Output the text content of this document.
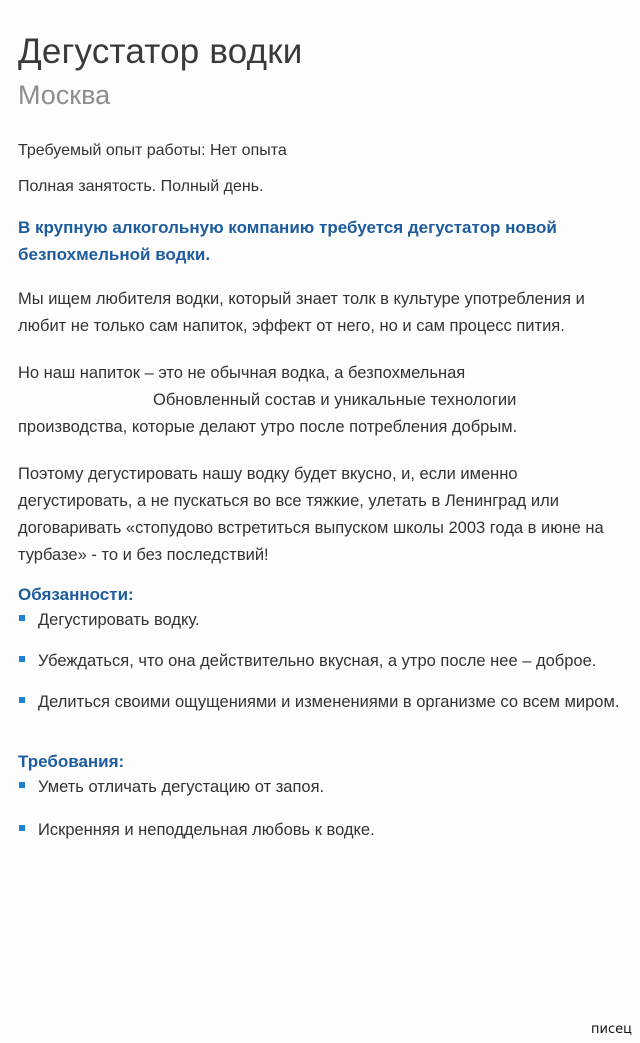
Дегустатор водки
Москва

Требуемый опыт работы: Нет опыта

Полная занятость. Полный день.

В крупную алкогольную компанию требуется дегустатор новой безпохмельной водки.

Мы ищем любителя водки, который знает толк в культуре употребления и любит не только сам напиток, эффект от него, но и сам процесс пития.

Но наш напиток – это не обычная водка, а безпохмельная
Обновленный состав и уникальные технологии производства, которые делают утро после потребления добрым.

Поэтому дегустировать нашу водку будет вкусно, и, если именно дегустировать, а не пускаться во все тяжкие, улетать в Ленинград или договаривать «стопудово встретиться выпуском школы 2003 года в июне на турбазе» - то и без последствий!

Обязанности:
Дегустировать водку.
Убеждаться, что она действительно вкусная, а утро после нее – доброе.
Делиться своими ощущениями и изменениями в организме со всем миром.
Требования:
Уметь отличать дегустацию от запоя.
Искренняя и неподдельная любовь к водке.
писец
